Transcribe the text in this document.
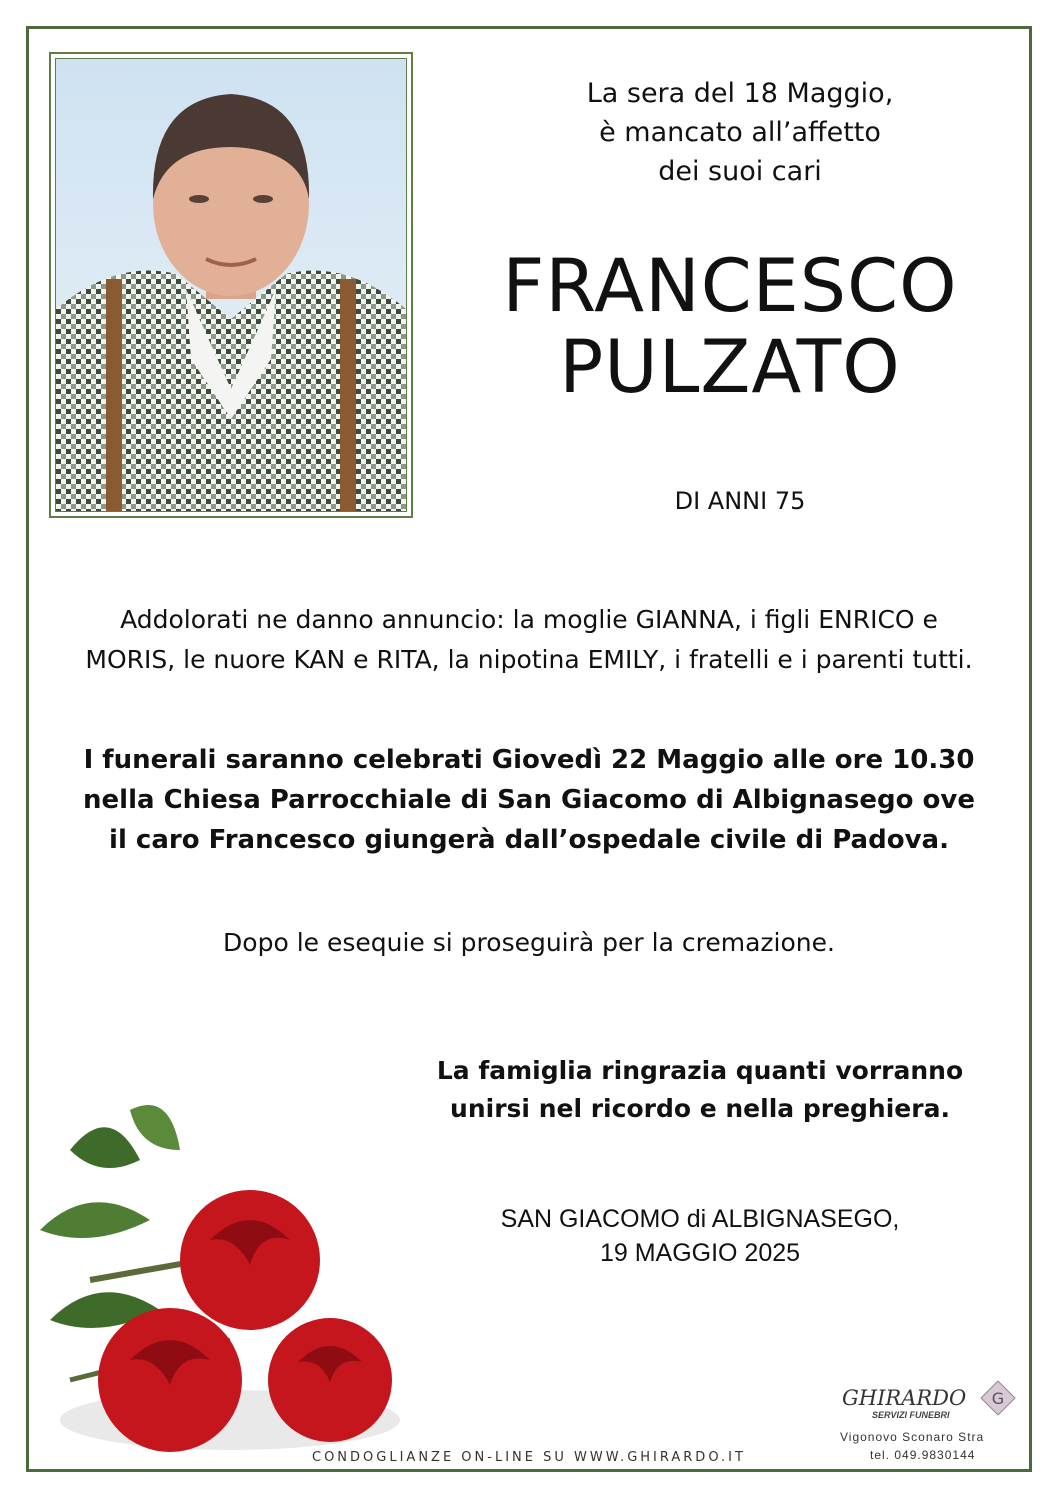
La sera del 18 Maggio,
è mancato all’affetto
dei suoi cari
FRANCESCO
PULZATO
DI ANNI 75
Addolorati ne danno annuncio: la moglie GIANNA, i figli ENRICO e
MORIS, le nuore KAN e RITA, la nipotina EMILY, i fratelli e i parenti tutti.
I funerali saranno celebrati Giovedì 22 Maggio alle ore 10.30
nella Chiesa Parrocchiale di San Giacomo di Albignasego ove
il caro Francesco giungerà dall’ospedale civile di Padova.
Dopo le esequie si proseguirà per la cremazione.
La famiglia ringrazia quanti vorranno
unirsi nel ricordo e nella preghiera.
SAN GIACOMO di ALBIGNASEGO,
19 MAGGIO 2025
CONDOGLIANZE ON-LINE SU WWW.GHIRARDO.IT
GHIRARDO
SERVIZI FUNEBRI
G
Vigonovo Sconaro Stra
tel. 049.9830144
